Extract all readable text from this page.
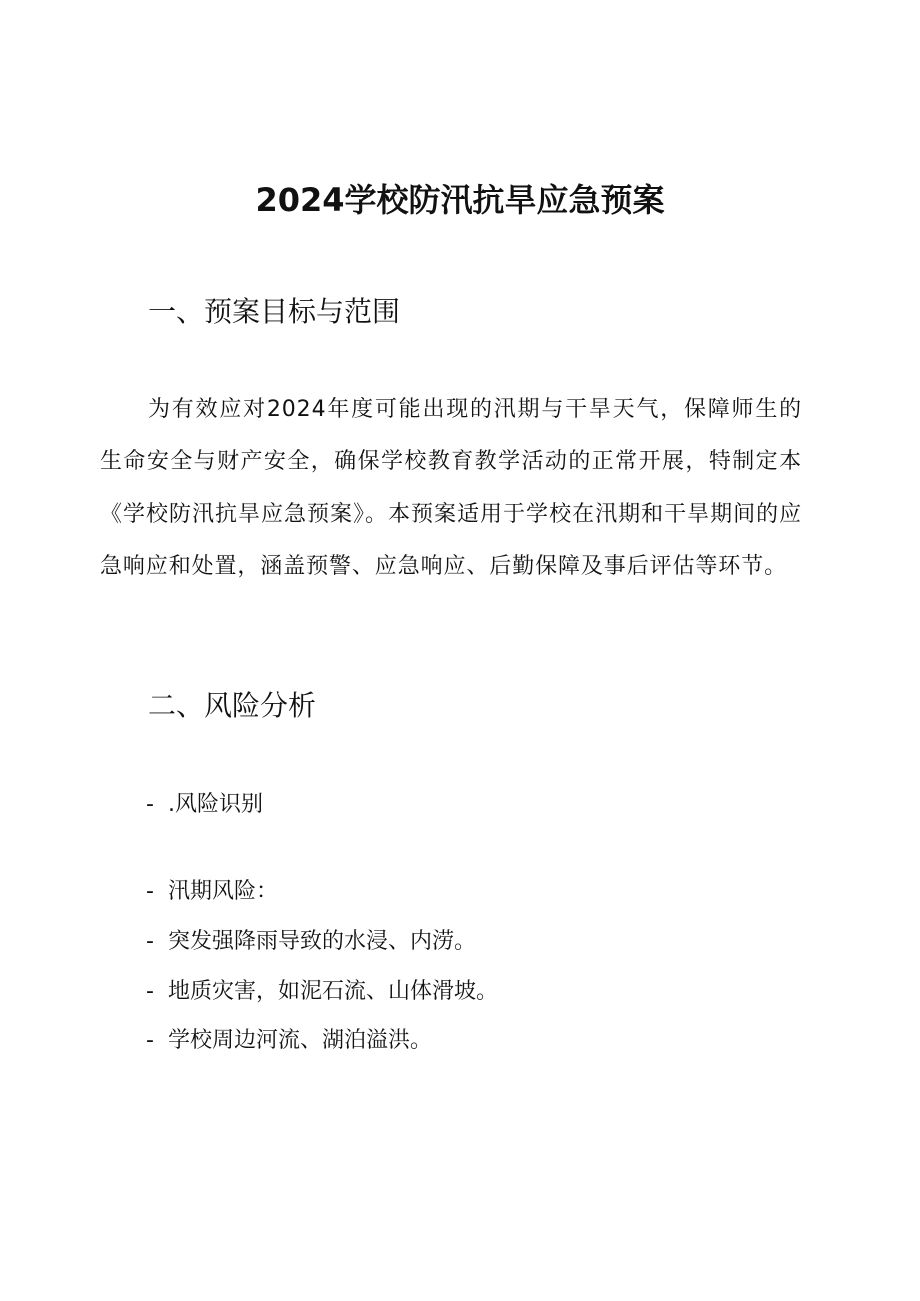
2024学校防汛抗旱应急预案
一、预案目标与范围

为有效应对2024年度可能出现的汛期与干旱天气，保障师生的生命安全与财产安全，确保学校教育教学活动的正常开展，特制定本《学校防汛抗旱应急预案》。本预案适用于学校在汛期和干旱期间的应急响应和处置，涵盖预警、应急响应、后勤保障及事后评估等环节。

二、风险分析
- .风险识别
- 汛期风险：
- 突发强降雨导致的水浸、内涝。
- 地质灾害，如泥石流、山体滑坡。
- 学校周边河流、湖泊溢洪。
